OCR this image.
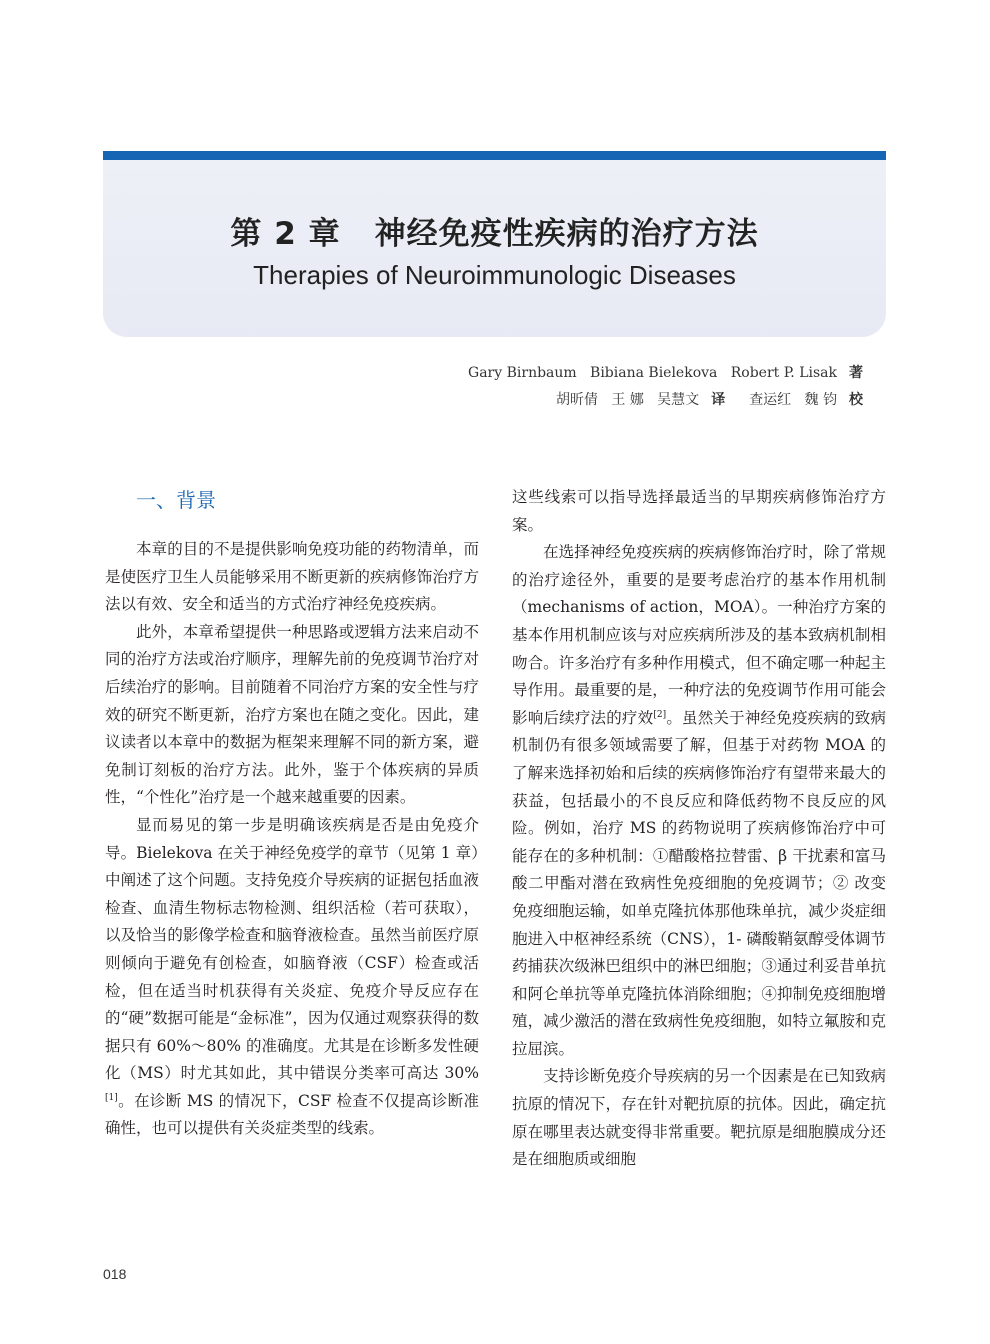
第 2 章 神经免疫性疾病的治疗方法
Therapies of Neuroimmunologic Diseases
Gary Birnbaum   Bibiana Bielekova   Robert P. Lisak 著
胡昕倩   王 娜   吴慧文 译 查运红   魏 钧 校
一、背景

本章的目的不是提供影响免疫功能的药物清单，而是使医疗卫生人员能够采用不断更新的疾病修饰治疗方法以有效、安全和适当的方式治疗神经免疫疾病。

此外，本章希望提供一种思路或逻辑方法来启动不同的治疗方法或治疗顺序，理解先前的免疫调节治疗对后续治疗的影响。目前随着不同治疗方案的安全性与疗效的研究不断更新，治疗方案也在随之变化。因此，建议读者以本章中的数据为框架来理解不同的新方案，避免制订刻板的治疗方法。此外，鉴于个体疾病的异质性，“个性化”治疗是一个越来越重要的因素。

显而易见的第一步是明确该疾病是否是由免疫介导。Bielekova 在关于神经免疫学的章节（见第 1 章）中阐述了这个问题。支持免疫介导疾病的证据包括血液检查、血清生物标志物检测、组织活检（若可获取），以及恰当的影像学检查和脑脊液检查。虽然当前医疗原则倾向于避免有创检查，如脑脊液（CSF）检查或活检，但在适当时机获得有关炎症、免疫介导反应存在的“硬”数据可能是“金标准”，因为仅通过观察获得的数据只有 60%～80% 的准确度。尤其是在诊断多发性硬化（MS）时尤其如此，其中错误分类率可高达 30%[1]。在诊断 MS 的情况下，CSF 检查不仅提高诊断准确性，也可以提供有关炎症类型的线索。

这些线索可以指导选择最适当的早期疾病修饰治疗方案。

在选择神经免疫疾病的疾病修饰治疗时，除了常规的治疗途径外，重要的是要考虑治疗的基本作用机制（mechanisms of action，MOA）。一种治疗方案的基本作用机制应该与对应疾病所涉及的基本致病机制相吻合。许多治疗有多种作用模式，但不确定哪一种起主导作用。最重要的是，一种疗法的免疫调节作用可能会影响后续疗法的疗效[2]。虽然关于神经免疫疾病的致病机制仍有很多领域需要了解，但基于对药物 MOA 的了解来选择初始和后续的疾病修饰治疗有望带来最大的获益，包括最小的不良反应和降低药物不良反应的风险。例如，治疗 MS 的药物说明了疾病修饰治疗中可能存在的多种机制：①醋酸格拉替雷、β 干扰素和富马酸二甲酯对潜在致病性免疫细胞的免疫调节；② 改变免疫细胞运输，如单克隆抗体那他珠单抗，减少炎症细胞进入中枢神经系统（CNS），1- 磷酸鞘氨醇受体调节药捕获次级淋巴组织中的淋巴细胞；③通过利妥昔单抗和阿仑单抗等单克隆抗体消除细胞；④抑制免疫细胞增殖，减少激活的潜在致病性免疫细胞，如特立氟胺和克拉屈滨。

支持诊断免疫介导疾病的另一个因素是在已知致病抗原的情况下，存在针对靶抗原的抗体。因此，确定抗原在哪里表达就变得非常重要。靶抗原是细胞膜成分还是在细胞质或细胞

018
